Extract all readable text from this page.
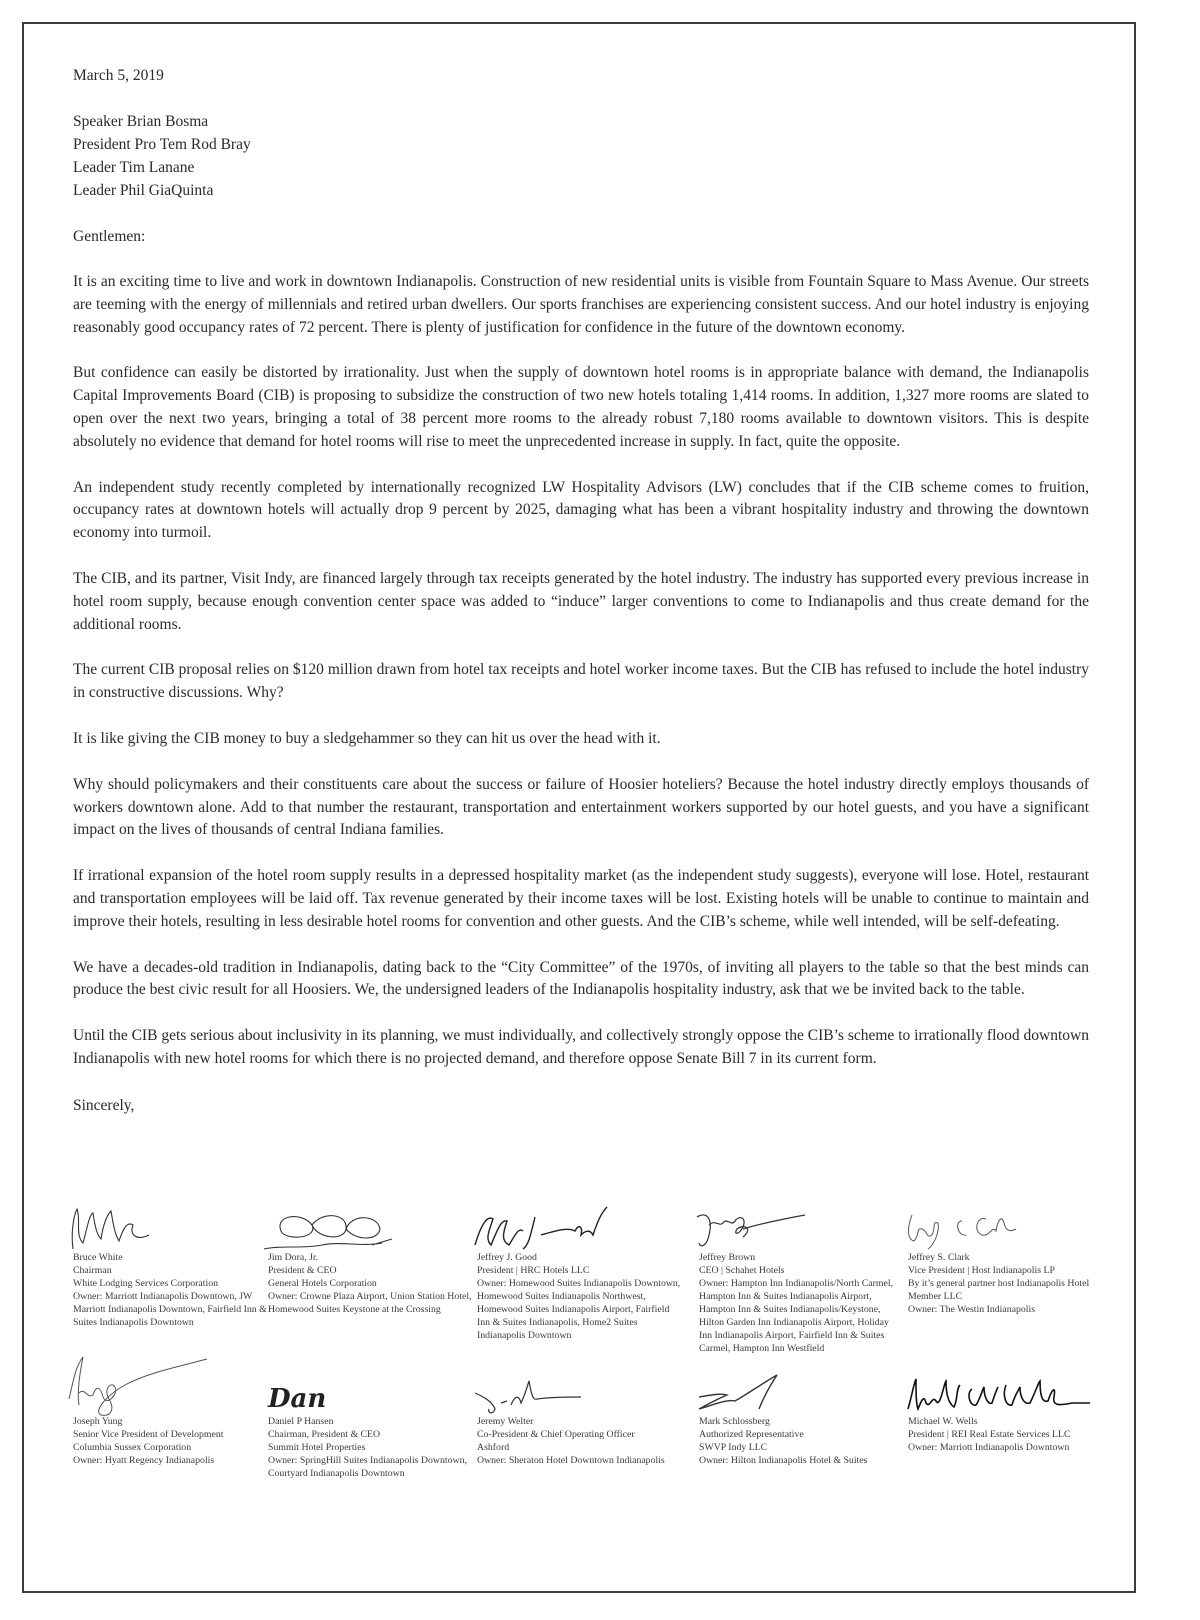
March 5, 2019
Speaker Brian Bosma
President Pro Tem Rod Bray
Leader Tim Lanane
Leader Phil GiaQuinta
Gentlemen:

It is an exciting time to live and work in downtown Indianapolis. Construction of new residential units is visible from Fountain Square to Mass Avenue. Our streets are teeming with the energy of millennials and retired urban dwellers. Our sports franchises are experiencing consistent success. And our hotel industry is enjoying reasonably good occupancy rates of 72 percent. There is plenty of justification for confidence in the future of the downtown economy.

But confidence can easily be distorted by irrationality. Just when the supply of downtown hotel rooms is in appropriate balance with demand, the Indianapolis Capital Improvements Board (CIB) is proposing to subsidize the construction of two new hotels totaling 1,414 rooms. In addition, 1,327 more rooms are slated to open over the next two years, bringing a total of 38 percent more rooms to the already robust 7,180 rooms available to downtown visitors. This is despite absolutely no evidence that demand for hotel rooms will rise to meet the unprecedented increase in supply. In fact, quite the opposite.

An independent study recently completed by internationally recognized LW Hospitality Advisors (LW) concludes that if the CIB scheme comes to fruition, occupancy rates at downtown hotels will actually drop 9 percent by 2025, damaging what has been a vibrant hospitality industry and throwing the downtown economy into turmoil.

The CIB, and its partner, Visit Indy, are financed largely through tax receipts generated by the hotel industry. The industry has supported every previous increase in hotel room supply, because enough convention center space was added to “induce” larger conventions to come to Indianapolis and thus create demand for the additional rooms.

The current CIB proposal relies on $120 million drawn from hotel tax receipts and hotel worker income taxes. But the CIB has refused to include the hotel industry in constructive discussions. Why?

It is like giving the CIB money to buy a sledgehammer so they can hit us over the head with it.

Why should policymakers and their constituents care about the success or failure of Hoosier hoteliers? Because the hotel industry directly employs thousands of workers downtown alone. Add to that number the restaurant, transportation and entertainment workers supported by our hotel guests, and you have a significant impact on the lives of thousands of central Indiana families.

If irrational expansion of the hotel room supply results in a depressed hospitality market (as the independent study suggests), everyone will lose. Hotel, restaurant and transportation employees will be laid off. Tax revenue generated by their income taxes will be lost. Existing hotels will be unable to continue to maintain and improve their hotels, resulting in less desirable hotel rooms for convention and other guests. And the CIB’s scheme, while well intended, will be self-defeating.

We have a decades-old tradition in Indianapolis, dating back to the “City Committee” of the 1970s, of inviting all players to the table so that the best minds can produce the best civic result for all Hoosiers. We, the undersigned leaders of the Indianapolis hospitality industry, ask that we be invited back to the table.

Until the CIB gets serious about inclusivity in its planning, we must individually, and collectively strongly oppose the CIB’s scheme to irrationally flood downtown Indianapolis with new hotel rooms for which there is no projected demand, and therefore oppose Senate Bill 7 in its current form.

Sincerely,
Bruce White
Chairman
White Lodging Services Corporation
Owner: Marriott Indianapolis Downtown, JW Marriott Indianapolis Downtown, Fairfield Inn & Suites Indianapolis Downtown
Jim Dora, Jr.
President & CEO
General Hotels Corporation
Owner: Crowne Plaza Airport, Union Station Hotel, Homewood Suites Keystone at the Crossing
Jeffrey J. Good
President | HRC Hotels LLC
Owner: Homewood Suites Indianapolis Downtown, Homewood Suites Indianapolis Northwest, Homewood Suites Indianapolis Airport, Fairfield Inn & Suites Indianapolis, Home2 Suites Indianapolis Downtown
Jeffrey Brown
CEO | Schahet Hotels
Owner: Hampton Inn Indianapolis/North Carmel, Hampton Inn & Suites Indianapolis Airport, Hampton Inn & Suites Indianapolis/Keystone, Hilton Garden Inn Indianapolis Airport, Holiday Inn Indianapolis Airport, Fairfield Inn & Suites Carmel, Hampton Inn Westfield
Jeffrey S. Clark
Vice President | Host Indianapolis LP
By it’s general partner host Indianapolis Hotel Member LLC
Owner: The Westin Indianapolis
Joseph Yung
Senior Vice President of Development
Columbia Sussex Corporation
Owner: Hyatt Regency Indianapolis
Dan
Daniel P Hansen
Chairman, President & CEO
Summit Hotel Properties
Owner: SpringHill Suites Indianapolis Downtown, Courtyard Indianapolis Downtown
Jeremy Welter
Co-President & Chief Operating Officer
Ashford
Owner: Sheraton Hotel Downtown Indianapolis
Mark Schlossberg
Authorized Representative
SWVP Indy LLC
Owner: Hilton Indianapolis Hotel & Suites
Michael W. Wells
President | REI Real Estate Services LLC
Owner: Marriott Indianapolis Downtown
